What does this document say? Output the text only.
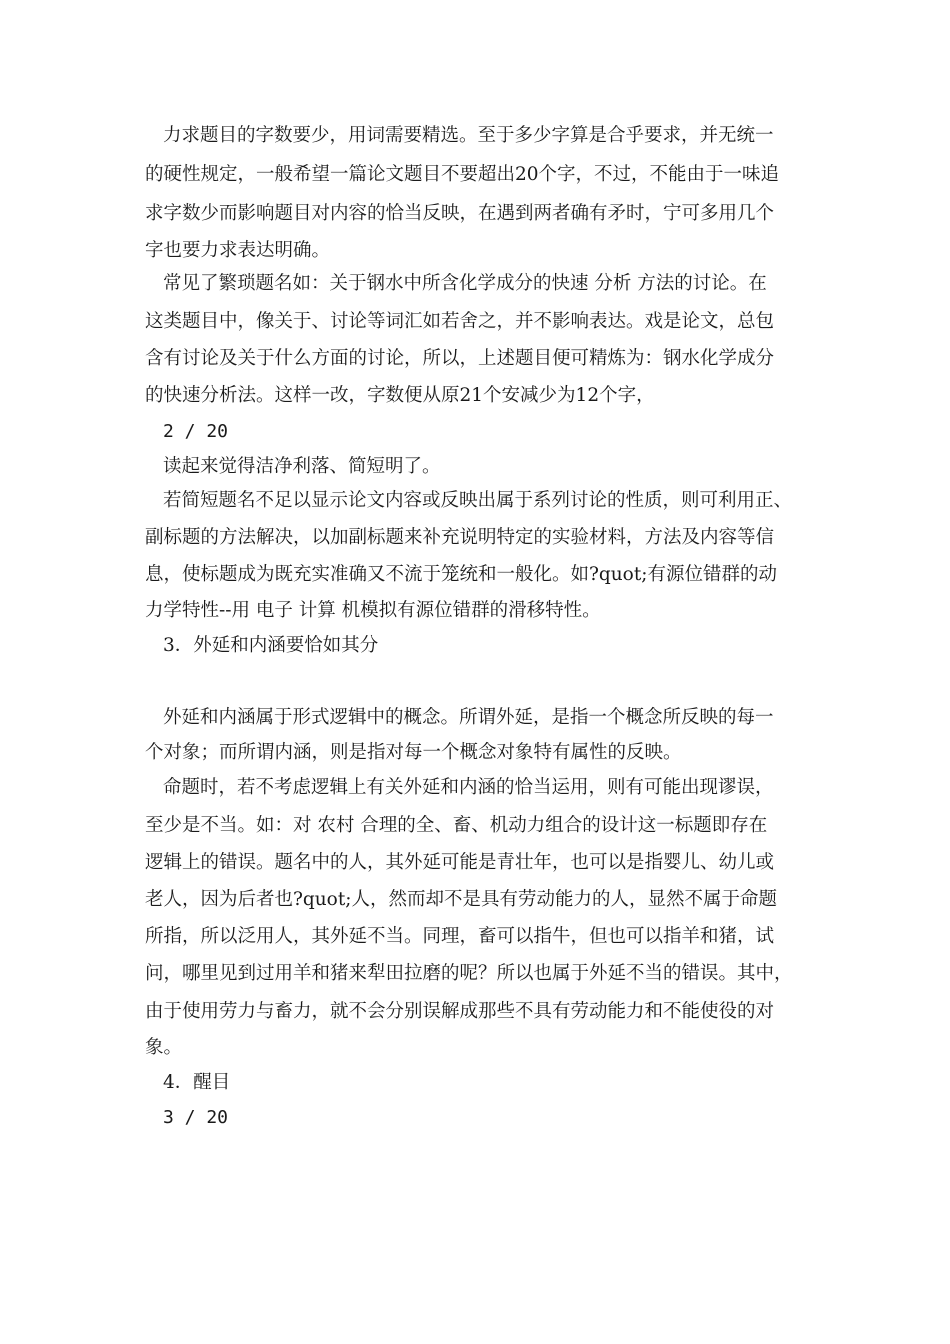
力求题目的字数要少，用词需要精选。至于多少字算是合乎要求，并无统一
的硬性规定，一般希望一篇论文题目不要超出20个字，不过，不能由于一味追
求字数少而影响题目对内容的恰当反映，在遇到两者确有矛时，宁可多用几个
字也要力求表达明确。
常见了繁琐题名如：关于钢水中所含化学成分的快速 分析 方法的讨论。在
这类题目中，像关于、讨论等词汇如若舍之，并不影响表达。戏是论文，总包
含有讨论及关于什么方面的讨论，所以，上述题目便可精炼为：钢水化学成分
的快速分析法。这样一改，字数便从原21个安减少为12个字，
2 / 20
读起来觉得洁净利落、简短明了。
若简短题名不足以显示论文内容或反映出属于系列讨论的性质，则可利用正、
副标题的方法解决，以加副标题来补充说明特定的实验材料，方法及内容等信
息，使标题成为既充实准确又不流于笼统和一般化。如?quot;有源位错群的动
力学特性--用 电子 计算 机模拟有源位错群的滑移特性。
3．外延和内涵要恰如其分
外延和内涵属于形式逻辑中的概念。所谓外延，是指一个概念所反映的每一
个对象；而所谓内涵，则是指对每一个概念对象特有属性的反映。
命题时，若不考虑逻辑上有关外延和内涵的恰当运用，则有可能出现谬误，
至少是不当。如：对 农村 合理的全、畜、机动力组合的设计这一标题即存在
逻辑上的错误。题名中的人，其外延可能是青壮年，也可以是指婴儿、幼儿或
老人，因为后者也?quot;人，然而却不是具有劳动能力的人，显然不属于命题
所指，所以泛用人，其外延不当。同理，畜可以指牛，但也可以指羊和猪，试
问，哪里见到过用羊和猪来犁田拉磨的呢？所以也属于外延不当的错误。其中，
由于使用劳力与畜力，就不会分别误解成那些不具有劳动能力和不能使役的对
象。
4．醒目
3 / 20
